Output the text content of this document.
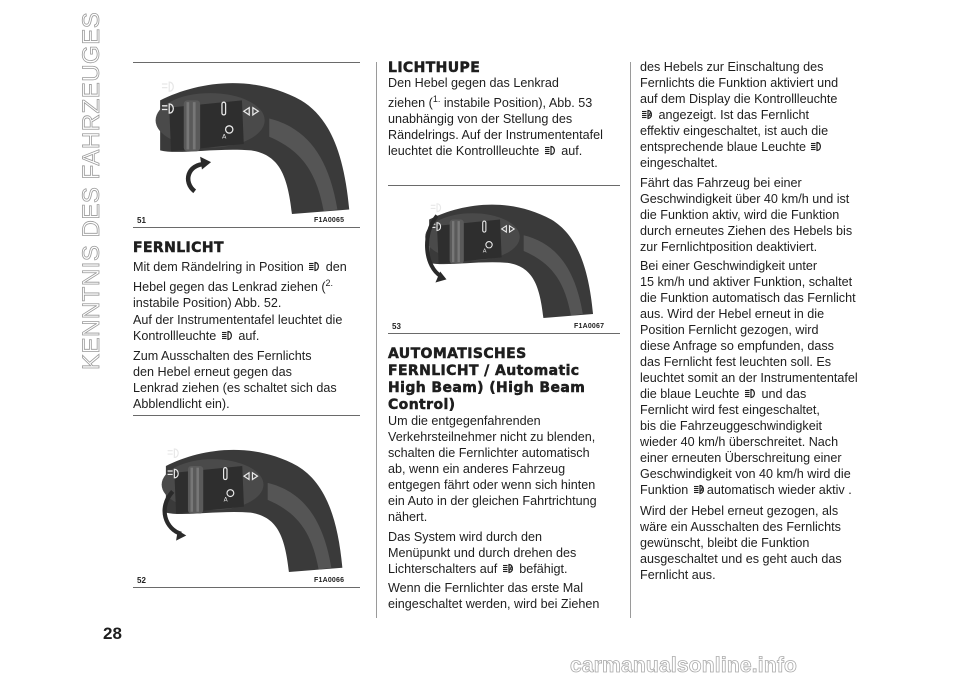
KENNTNIS DES FAHRZEUGES
28
51	F1A0065
FERNLICHT
Mit dem Rändelring in Position den
Hebel gegen das Lenkrad ziehen ($^{2.}$
instabile Position) Abb. 52.
Auf der Instrumententafel leuchtet die
Kontrollleuchte auf.
Zum Ausschalten des Fernlichts
den Hebel erneut gegen das
Lenkrad ziehen (es schaltet sich das
Abblendlicht ein).
52	F1A0066
LICHTHUPE
Den Hebel gegen das Lenkrad
ziehen ($^{1.}$ instabile Position), Abb. 53
unabhängig von der Stellung des
Rändelrings. Auf der Instrumententafel
leuchtet die Kontrollleuchte auf.
53	F1A0067
AUTOMATISCHES
FERNLICHT / Automatic
High Beam) (High Beam
Control)
Um die entgegenfahrenden
Verkehrsteilnehmer nicht zu blenden,
schalten die Fernlichter automatisch
ab, wenn ein anderes Fahrzeug
entgegen fährt oder wenn sich hinten
ein Auto in der gleichen Fahrtrichtung
nähert.
Das System wird durch den
Menüpunkt und durch drehen des
Lichterschalters auf befähigt.
Wenn die Fernlichter das erste Mal
eingeschaltet werden, wird bei Ziehen
des Hebels zur Einschaltung des
Fernlichts die Funktion aktiviert und
auf dem Display die Kontrollleuchte
angezeigt. Ist das Fernlicht
effektiv eingeschaltet, ist auch die
entsprechende blaue Leuchte
eingeschaltet.
Fährt das Fahrzeug bei einer
Geschwindigkeit über 40 km/h und ist
die Funktion aktiv, wird die Funktion
durch erneutes Ziehen des Hebels bis
zur Fernlichtposition deaktiviert.
Bei einer Geschwindigkeit unter
15 km/h und aktiver Funktion, schaltet
die Funktion automatisch das Fernlicht
aus. Wird der Hebel erneut in die
Position Fernlicht gezogen, wird
diese Anfrage so empfunden, dass
das Fernlicht fest leuchten soll. Es
leuchtet somit an der Instrumententafel
die blaue Leuchte und das
Fernlicht wird fest eingeschaltet,
bis die Fahrzeuggeschwindigkeit
wieder 40 km/h überschreitet. Nach
einer erneuten Überschreitung einer
Geschwindigkeit von 40 km/h wird die
Funktion automatisch wieder aktiv .
Wird der Hebel erneut gezogen, als
wäre ein Ausschalten des Fernlichts
gewünscht, bleibt die Funktion
ausgeschaltet und es geht auch das
Fernlicht aus.
carmanualsonline.info
